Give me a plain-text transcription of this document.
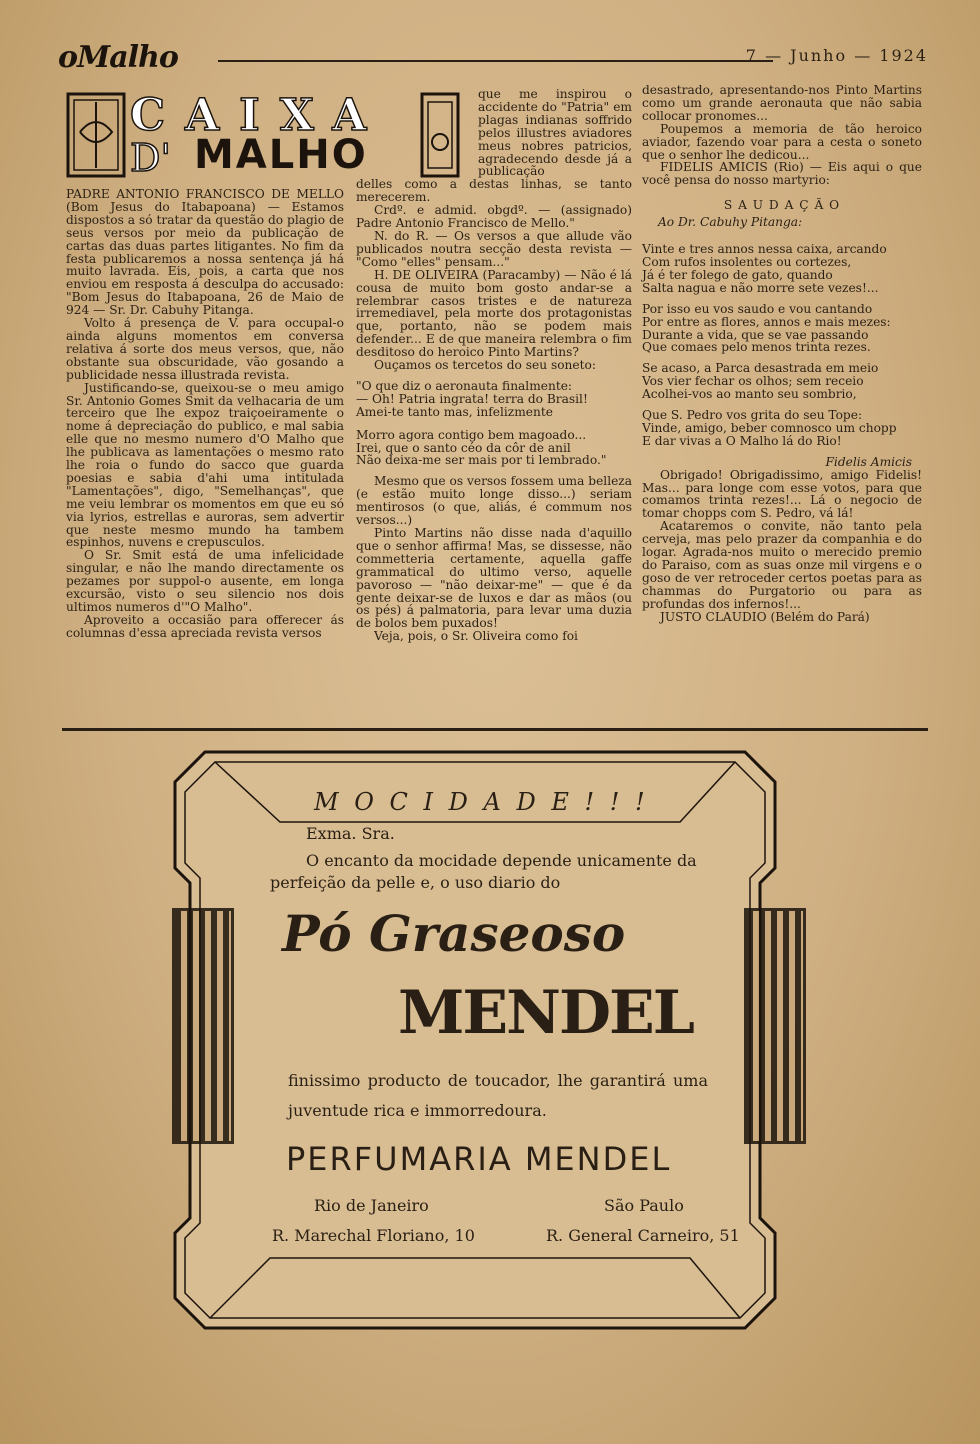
oMalho	7 — Junho — 1924
CAIXA
D' MALHO

PADRE ANTONIO FRANCISCO DE MELLO (Bom Jesus do Itabapoana) — Estamos dispostos a só tratar da questão do plagio de seus versos por meio da publicação de cartas das duas partes litigantes. No fim da festa publicaremos a nossa sentença já há muito lavrada. Eis, pois, a carta que nos enviou em resposta á desculpa do accusado: "Bom Jesus do Itabapoana, 26 de Maio de 924 — Sr. Dr. Cabuhy Pitanga.

Volto á presença de V. para occupal-o ainda alguns momentos em conversa relativa á sorte dos meus versos, que, não obstante sua obscuridade, vão gosando a publicidade nessa illustrada revista.

Justificando-se, queixou-se o meu amigo Sr. Antonio Gomes Smit da velhacaria de um terceiro que lhe expoz traiçoeiramente o nome á depreciação do publico, e mal sabia elle que no mesmo numero d'O Malho que lhe publicava as lamentações o mesmo rato lhe roia o fundo do sacco que guarda poesias e sabia d'ahi uma intitulada "Lamentações", digo, "Semelhanças", que me veiu lembrar os momentos em que eu só via lyrios, estrellas e auroras, sem advertir que neste mesmo mundo ha tambem espinhos, nuvens e crepusculos.

O Sr. Smit está de uma infelicidade singular, e não lhe mando directamente os pezames por suppol-o ausente, em longa excursão, visto o seu silencio nos dois ultimos numeros d'"O Malho".

Aproveito a occasião para offerecer ás columnas d'essa apreciada revista versos

que me inspirou o accidente do "Patria" em plagas indianas soffrido pelos illustres aviadores meus nobres patricios, agradecendo desde já a publicação

delles como a destas linhas, se tanto merecerem.

Crdº. e admid. obgdº. — (assignado) Padre Antonio Francisco de Mello."

N. do R. — Os versos a que allude vão publicados noutra secção desta revista — "Como "elles" pensam..."

H. DE OLIVEIRA (Paracamby) — Não é lá cousa de muito bom gosto andar-se a relembrar casos tristes e de natureza irremediavel, pela morte dos protagonistas que, portanto, não se podem mais defender... E de que maneira relembra o fim desditoso do heroico Pinto Martins?

Ouçamos os tercetos do seu soneto:

"O que diz o aeronauta finalmente:
— Oh! Patria ingrata! terra do Brasil!
Amei-te tanto mas, infelizmente
Morro agora contigo bem magoado...
Irei, que o santo céo da côr de anil
Não deixa-me ser mais por ti lembrado."

Mesmo que os versos fossem uma belleza (e estão muito longe disso...) seriam mentirosos (o que, aliás, é commum nos versos...)

Pinto Martins não disse nada d'aquillo que o senhor affirma! Mas, se dissesse, não commetteria certamente, aquella gaffe grammatical do ultimo verso, aquelle pavoroso — "não deixar-me" — que é da gente deixar-se de luxos e dar as mãos (ou os pés) á palmatoria, para levar uma duzia de bolos bem puxados!

Veja, pois, o Sr. Oliveira como foi

desastrado, apresentando-nos Pinto Martins como um grande aeronauta que não sabia collocar pronomes...

Poupemos a memoria de tão heroico aviador, fazendo voar para a cesta o soneto que o senhor lhe dedicou...

FIDELIS AMICIS (Rio) — Eis aqui o que você pensa do nosso martyrio:

S A U D A Ç Ã O

Ao Dr. Cabuhy Pitanga:

Vinte e tres annos nessa caixa, arcando
Com rufos insolentes ou cortezes,
Já é ter folego de gato, quando
Salta nagua e não morre sete vezes!...
Por isso eu vos saudo e vou cantando
Por entre as flores, annos e mais mezes:
Durante a vida, que se vae passando
Que comaes pelo menos trinta rezes.
Se acaso, a Parca desastrada em meio
Vos vier fechar os olhos; sem receio
Acolhei-vos ao manto seu sombrio,
Que S. Pedro vos grita do seu Tope:
Vinde, amigo, beber comnosco um chopp
E dar vivas a O Malho lá do Rio!

Fidelis Amicis

Obrigado! Obrigadissimo, amigo Fidelis! Mas... para longe com esse votos, para que comamos trinta rezes!... Lá o negocio de tomar chopps com S. Pedro, vá lá!

Acataremos o convite, não tanto pela cerveja, mas pelo prazer da companhia e do logar. Agrada-nos muito o merecido premio do Paraiso, com as suas onze mil virgens e o goso de ver retroceder certos poetas para as chammas do Purgatorio ou para as profundas dos infernos!...

JUSTO CLAUDIO (Belém do Pará)

M O C I D A D E ! ! !
Exma. Sra.
O encanto da mocidade depende unicamente da perfeição da pelle e, o uso diario do
Pó Graseoso
MENDEL
finissimo producto de toucador, lhe garantirá uma juventude rica e immorredoura.
PERFUMARIA MENDEL
Rio de Janeiro	São Paulo
R. Marechal Floriano, 10	R. General Carneiro, 51
